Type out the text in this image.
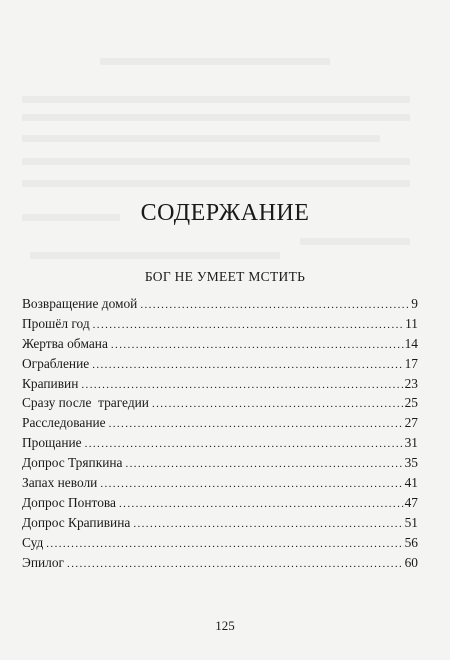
СОДЕРЖАНИЕ
БОГ НЕ УМЕЕТ МСТИТЬ
Возвращение домой .....	9
Прошёл год .....	11
Жертва обмана .....	14
Ограбление .....	17
Крапивин .....	23
Сразу после  трагедии .....	25
Расследование .....	27
Прощание .....	31
Допрос Тряпкина .....	35
Запах неволи .....	41
Допрос Понтова .....	47
Допрос Крапивина .....	51
Суд .....	56
Эпилог .....	60
125
